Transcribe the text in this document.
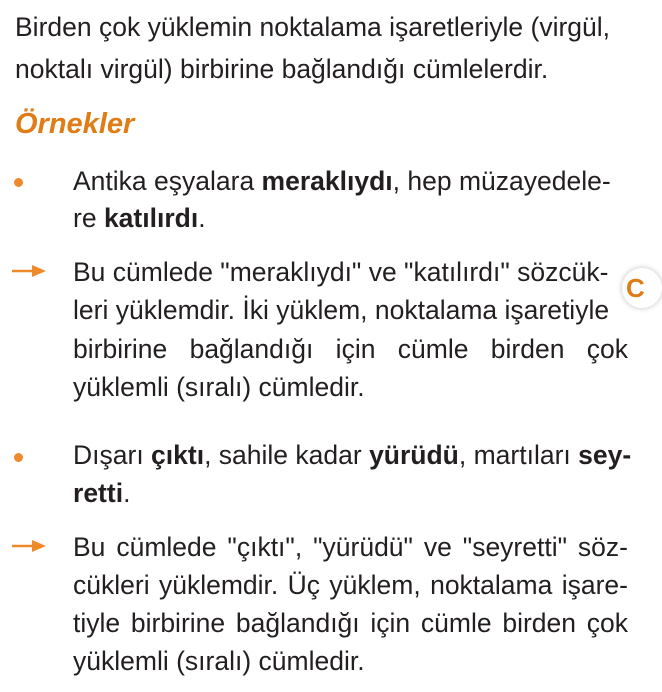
Birden çok yüklemin noktalama işaretleriyle (virgül,
noktalı virgül) birbirine bağlandığı cümlelerdir.
Örnekler
Antika eşyalara meraklıydı, hep müzayedele-
re katılırdı.
Bu cümlede "meraklıydı" ve "katılırdı" sözcük-
leri yüklemdir. İki yüklem, noktalama işaretiyle
birbirine bağlandığı için cümle birden çok
yüklemli (sıralı) cümledir.
C
Dışarı çıktı, sahile kadar yürüdü, martıları sey-
retti.
Bu cümlede "çıktı", "yürüdü" ve "seyretti" söz-
cükleri yüklemdir. Üç yüklem, noktalama işare-
tiyle birbirine bağlandığı için cümle birden çok
yüklemli (sıralı) cümledir.
